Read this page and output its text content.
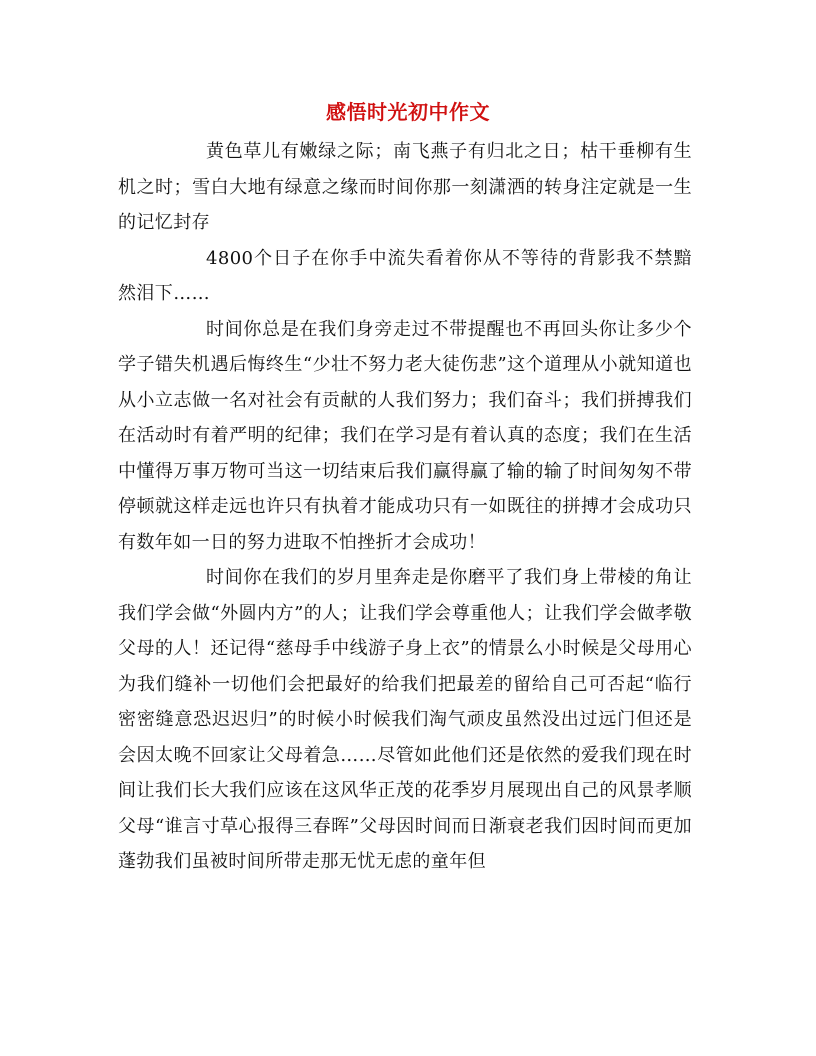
感悟时光初中作文

黄色草儿有嫩绿之际；南飞燕子有归北之日；枯干垂柳有生机之时；雪白大地有绿意之缘而时间你那一刻潇洒的转身注定就是一生的记忆封存

4800个日子在你手中流失看着你从不等待的背影我不禁黯然泪下……

时间你总是在我们身旁走过不带提醒也不再回头你让多少个学子错失机遇后悔终生“少壮不努力老大徒伤悲”这个道理从小就知道也从小立志做一名对社会有贡献的人我们努力；我们奋斗；我们拼搏我们在活动时有着严明的纪律；我们在学习是有着认真的态度；我们在生活中懂得万事万物可当这一切结束后我们赢得赢了输的输了时间匆匆不带停顿就这样走远也许只有执着才能成功只有一如既往的拼搏才会成功只有数年如一日的努力进取不怕挫折才会成功！

时间你在我们的岁月里奔走是你磨平了我们身上带棱的角让我们学会做“外圆内方”的人；让我们学会尊重他人；让我们学会做孝敬父母的人！还记得“慈母手中线游子身上衣”的情景么小时候是父母用心为我们缝补一切他们会把最好的给我们把最差的留给自己可否起“临行密密缝意恐迟迟归”的时候小时候我们淘气顽皮虽然没出过远门但还是会因太晚不回家让父母着急……尽管如此他们还是依然的爱我们现在时间让我们长大我们应该在这风华正茂的花季岁月展现出自己的风景孝顺父母“谁言寸草心报得三春晖”父母因时间而日渐衰老我们因时间而更加蓬勃我们虽被时间所带走那无忧无虑的童年但
